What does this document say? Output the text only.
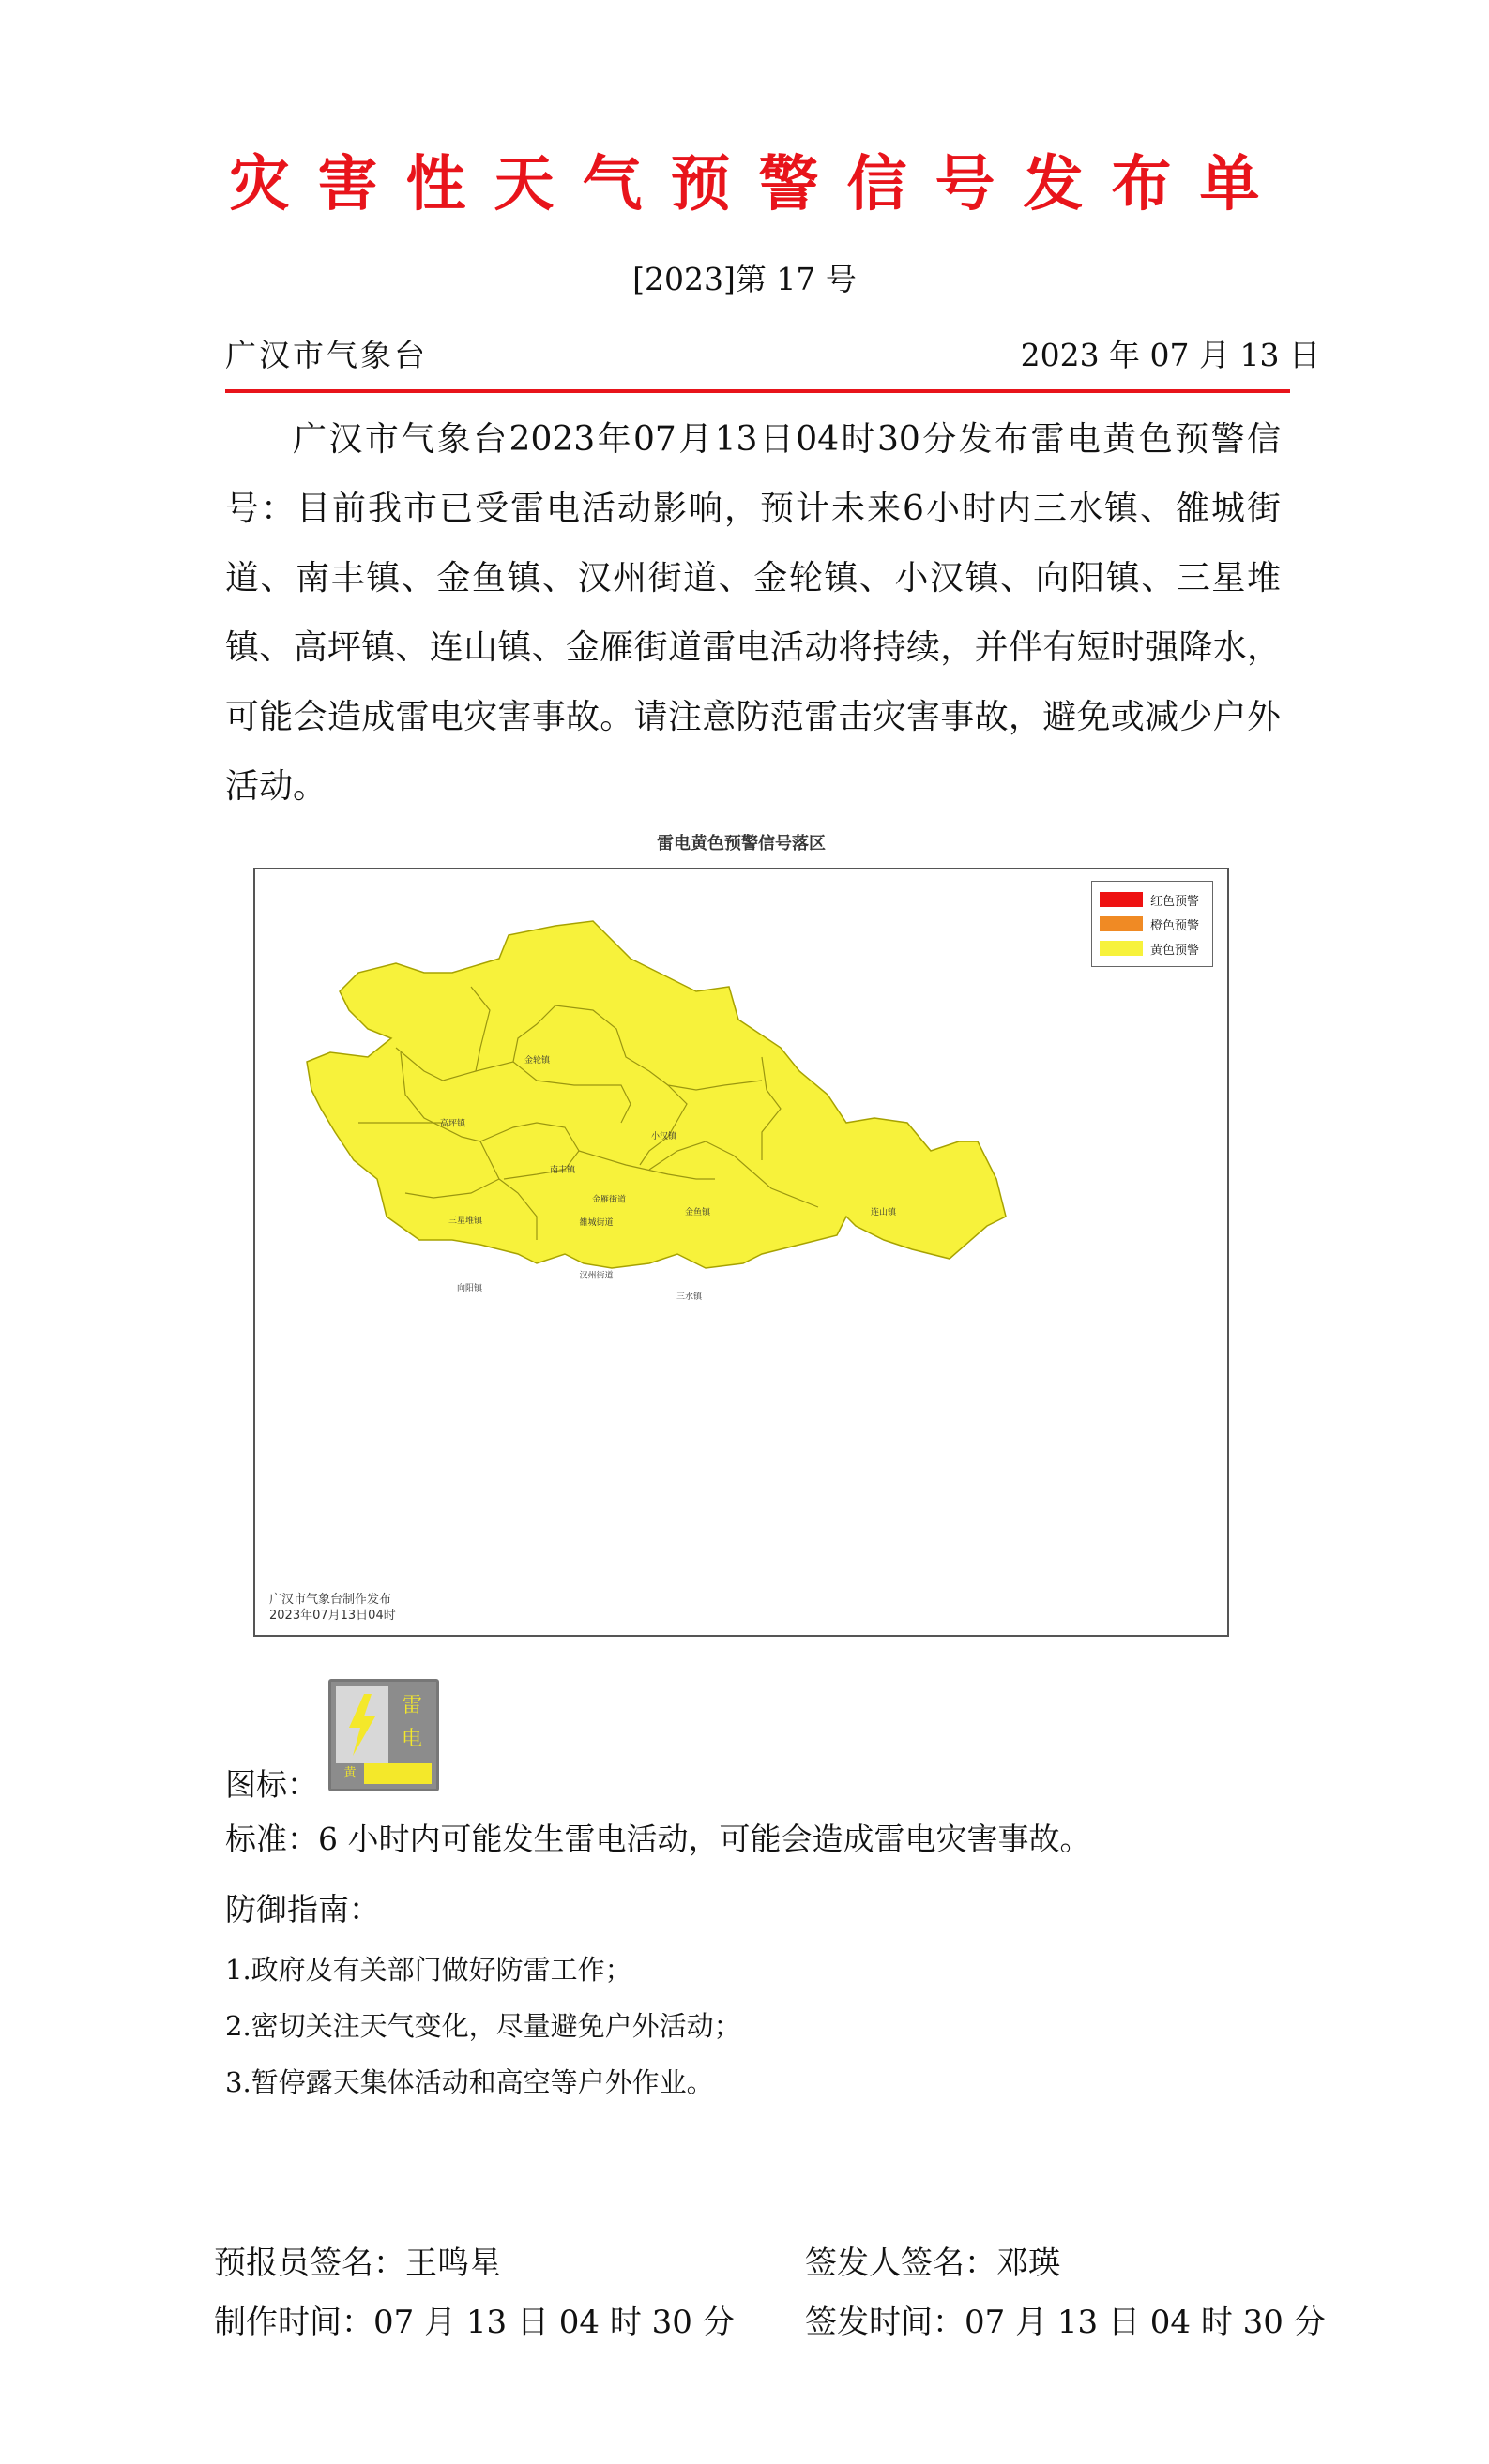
灾害性天气预警信号发布单
[2023]第 17 号
广汉市气象台	2023 年 07 月 13 日
广汉市气象台2023年07月13日04时30分发布雷电黄色预警信号：目前我市已受雷电活动影响，预计未来6小时内三水镇、雒城街道、南丰镇、金鱼镇、汉州街道、金轮镇、小汉镇、向阳镇、三星堆镇、高坪镇、连山镇、金雁街道雷电活动将持续，并伴有短时强降水，可能会造成雷电灾害事故。请注意防范雷击灾害事故，避免或减少户外活动。
雷电黄色预警信号落区
金轮镇
高坪镇
小汉镇
南丰镇
金雁街道
三星堆镇	雒城街道
金鱼镇	连山镇
汉州街道
向阳镇
三水镇
红色预警
橙色预警
黄色预警
广汉市气象台制作发布
2023年07月13日04时
图标：
雷
电
黄
标准：6 小时内可能发生雷电活动，可能会造成雷电灾害事故。
防御指南：
1.政府及有关部门做好防雷工作；
2.密切关注天气变化，尽量避免户外活动；
3.暂停露天集体活动和高空等户外作业。
预报员签名：王鸣星	签发人签名：邓瑛
制作时间：07 月 13 日 04 时 30 分 签发时间：07 月 13 日 04 时 30 分
